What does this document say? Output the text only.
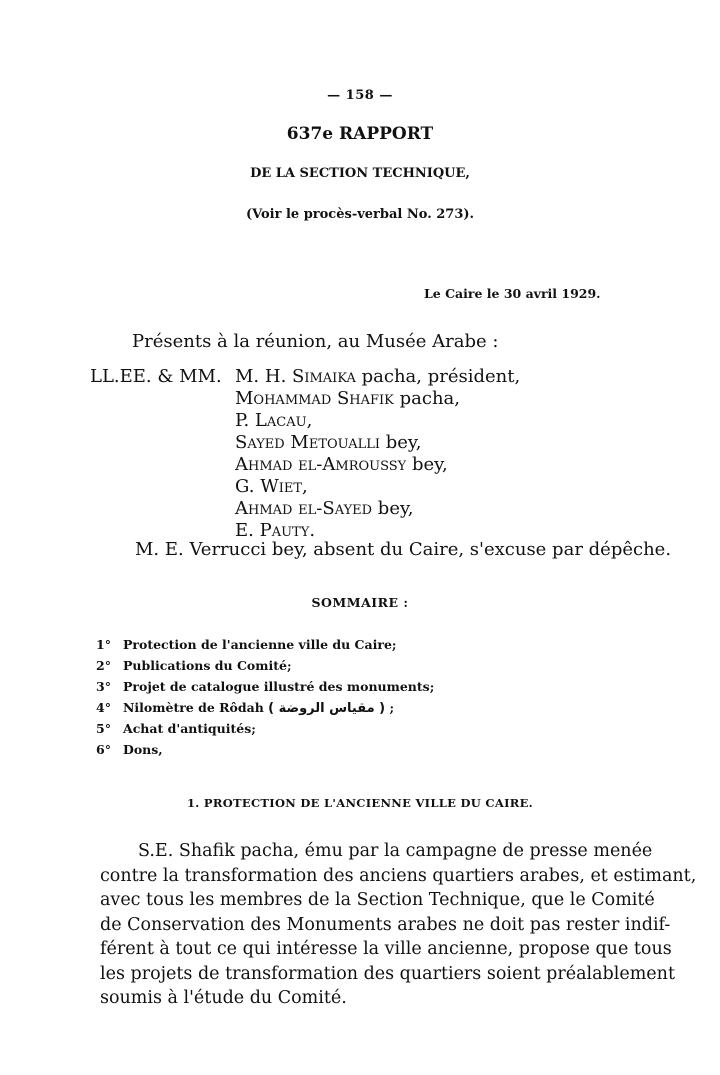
— 158 —
637e RAPPORT
DE LA SECTION TECHNIQUE,
(Voir le procès-verbal No. 273).
Le Caire le 30 avril 1929.
Présents à la réunion, au Musée Arabe :
LL.EE. & MM. M. H. Simaika pacha, président,
Mohammad Shafik pacha,
P. Lacau,
Sayed Metoualli bey,
Ahmad el-Amroussy bey,
G. Wiet,
Ahmad el-Sayed bey,
E. Pauty.
M. E. Verrucci bey, absent du Caire, s'excuse par dépêche.
SOMMAIRE :
1° Protection de l'ancienne ville du Caire;
2° Publications du Comité;
3° Projet de catalogue illustré des monuments;
4° Nilomètre de Rôdah ( مقياس الروضة ) ;
5° Achat d'antiquités;
6° Dons,
1. PROTECTION DE L'ANCIENNE VILLE DU CAIRE.
S.E. Shafik pacha, ému par la campagne de presse menée
contre la transformation des anciens quartiers arabes, et estimant,
avec tous les membres de la Section Technique, que le Comité
de Conservation des Monuments arabes ne doit pas rester indif-
férent à tout ce qui intéresse la ville ancienne, propose que tous
les projets de transformation des quartiers soient préalablement
soumis à l'étude du Comité.
